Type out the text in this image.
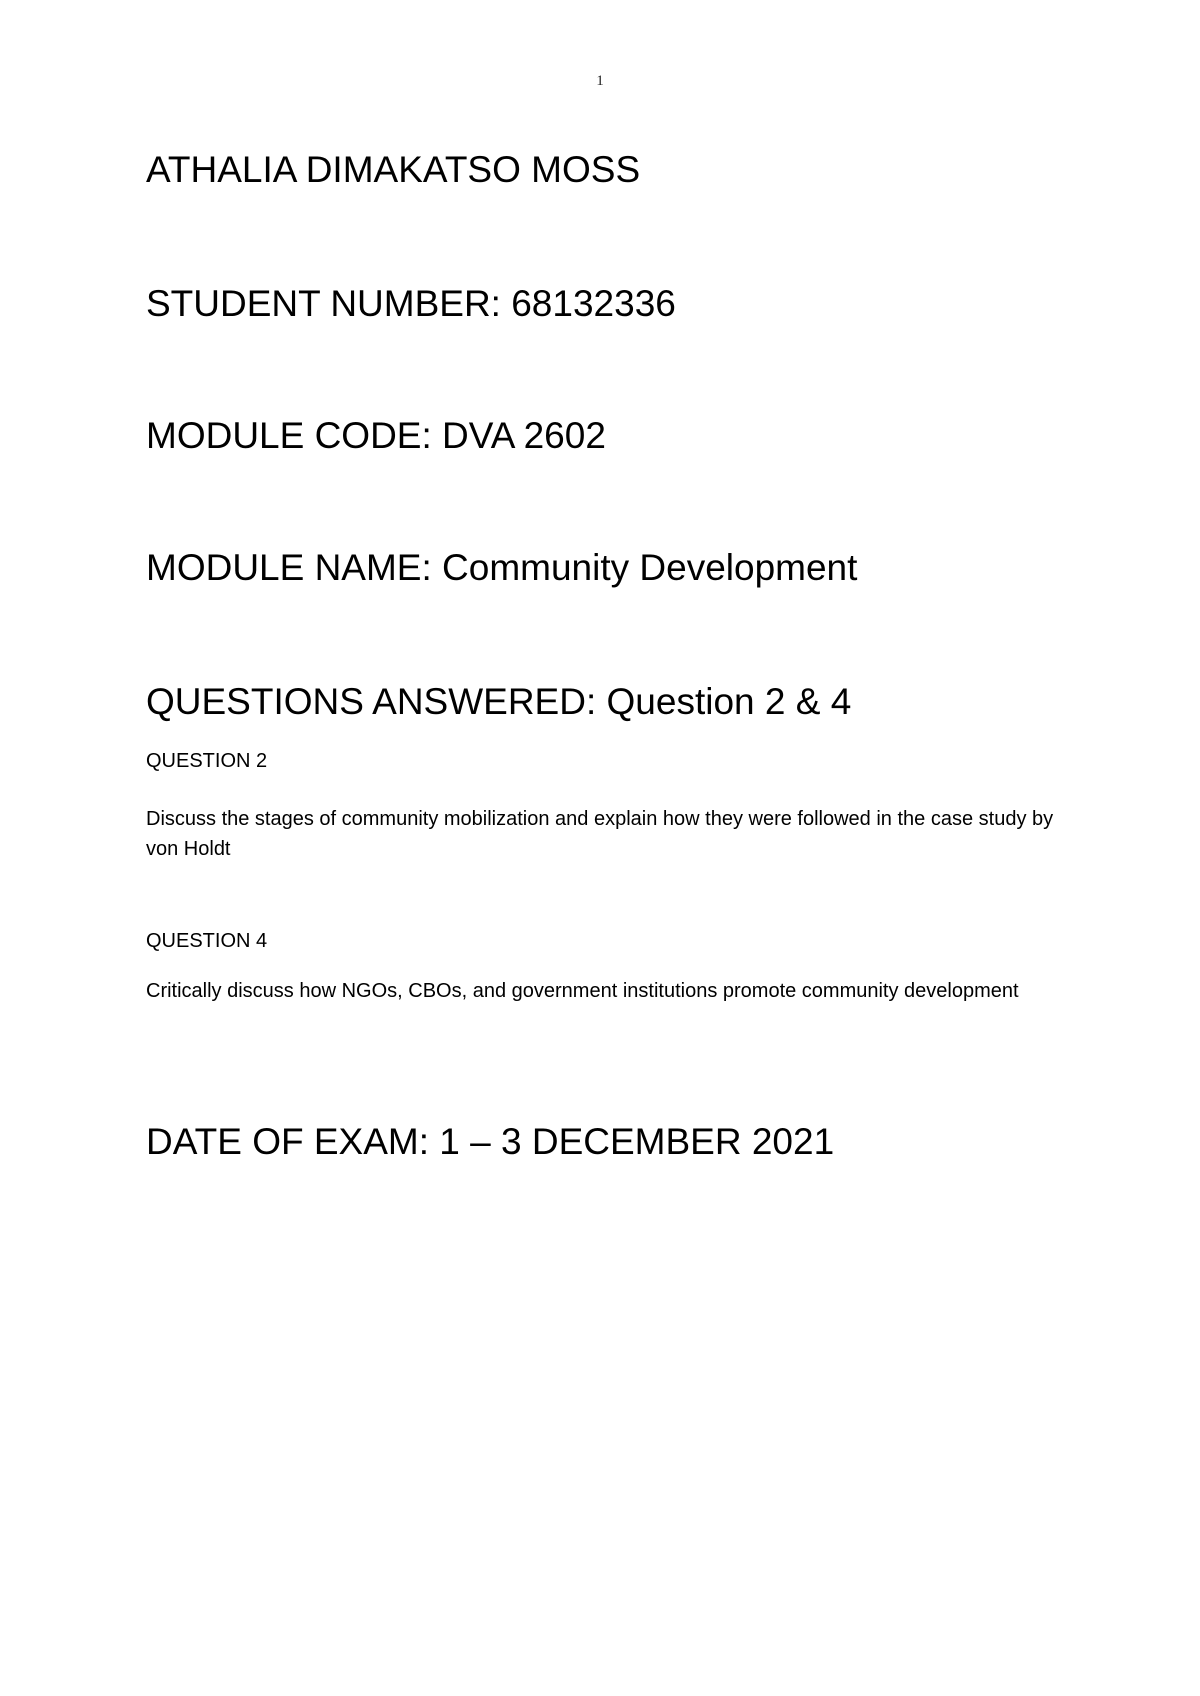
1
ATHALIA DIMAKATSO MOSS
STUDENT NUMBER: 68132336
MODULE CODE: DVA 2602
MODULE NAME: Community Development
QUESTIONS ANSWERED: Question 2 & 4
QUESTION 2
Discuss the stages of community mobilization and explain how they were followed in the case study by von Holdt
QUESTION 4
Critically discuss how NGOs, CBOs, and government institutions promote community development
DATE OF EXAM: 1 – 3 DECEMBER 2021
